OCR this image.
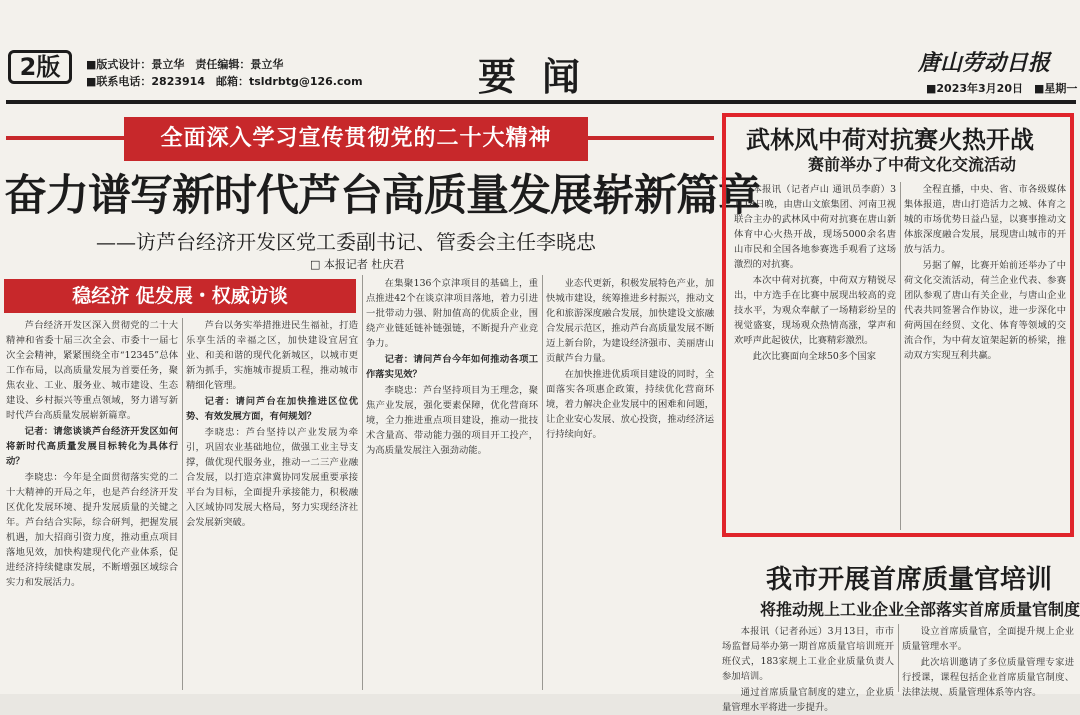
2版	■版式设计：景立华　责任编辑：景立华
■联系电话：2823914　邮箱：tsldrbtg@126.com	要闻	唐山劳动日报
■2023年3月20日　■星期一
全面深入学习宣传贯彻党的二十大精神
奋力谱写新时代芦台高质量发展崭新篇章
——访芦台经济开发区党工委副书记、管委会主任李晓忠
□ 本报记者 杜庆君
稳经济 促发展・权威访谈

芦台经济开发区深入贯彻党的二十大精神和省委十届三次全会、市委十一届七次全会精神，紧紧围绕全市“12345”总体工作布局，以高质量发展为首要任务，聚焦农业、工业、服务业、城市建设、生态建设、乡村振兴等重点领域，努力谱写新时代芦台高质量发展崭新篇章。

记者：请您谈谈芦台经济开发区如何将新时代高质量发展目标转化为具体行动？

李晓忠：今年是全面贯彻落实党的二十大精神的开局之年，也是芦台经济开发区优化发展环境、提升发展质量的关键之年。芦台结合实际，综合研判，把握发展机遇，加大招商引资力度，推动重点项目落地见效，加快构建现代化产业体系，促进经济持续健康发展，不断增强区域综合实力和发展活力。

芦台以务实举措推进民生福祉，打造乐享生活的幸福之区，加快建设宜居宜业、和美和谐的现代化新城区，以城市更新为抓手，实施城市提质工程，推动城市精细化管理。

记者：请问芦台在加快推进区位优势、有效发展方面，有何规划？

李晓忠：芦台坚持以产业发展为牵引，巩固农业基础地位，做强工业主导支撑，做优现代服务业，推动一二三产业融合发展，以打造京津冀协同发展重要承接平台为目标，全面提升承接能力，积极融入区域协同发展大格局，努力实现经济社会发展新突破。

在集聚136个京津项目的基础上，重点推进42个在谈京津项目落地，着力引进一批带动力强、附加值高的优质企业，围绕产业链延链补链强链，不断提升产业竞争力。

记者：请问芦台今年如何推动各项工作落实见效？

李晓忠：芦台坚持项目为王理念，聚焦产业发展，强化要素保障，优化营商环境，全力推进重点项目建设，推动一批技术含量高、带动能力强的项目开工投产，为高质量发展注入强劲动能。

业态代更新，积极发展特色产业，加快城市建设，统筹推进乡村振兴，推动文化和旅游深度融合发展，加快建设文旅融合发展示范区，推动芦台高质量发展不断迈上新台阶，为建设经济强市、美丽唐山贡献芦台力量。

在加快推进优质项目建设的同时，全面落实各项惠企政策，持续优化营商环境，着力解决企业发展中的困难和问题，让企业安心发展、放心投资，推动经济运行持续向好。

武林风中荷对抗赛火热开战
赛前举办了中荷文化交流活动

本报讯（记者卢山 通讯员李蔚）3月18日晚，由唐山文旅集团、河南卫视联合主办的武林风中荷对抗赛在唐山新体育中心火热开战，现场5000余名唐山市民和全国各地参赛选手观看了这场激烈的对抗赛。

本次中荷对抗赛，中荷双方精锐尽出，中方选手在比赛中展现出较高的竞技水平，为观众奉献了一场精彩纷呈的视觉盛宴，现场观众热情高涨，掌声和欢呼声此起彼伏，比赛精彩激烈。

此次比赛面向全球50多个国家

全程直播，中央、省、市各级媒体集体报道，唐山打造活力之城、体育之城的市场优势日益凸显，以赛事推动文体旅深度融合发展，展现唐山城市的开放与活力。

另据了解，比赛开始前还举办了中荷文化交流活动，荷兰企业代表、参赛团队参观了唐山有关企业，与唐山企业代表共同签署合作协议，进一步深化中荷两国在经贸、文化、体育等领域的交流合作，为中荷友谊架起新的桥梁，推动双方实现互利共赢。

我市开展首席质量官培训
将推动规上工业企业全部落实首席质量官制度

本报讯（记者孙远）3月13日，市市场监督局举办第一期首席质量官培训班开班仪式，183家规上工业企业质量负责人参加培训。

通过首席质量官制度的建立，企业质量管理水平将进一步提升。

设立首席质量官，全面提升规上企业质量管理水平。

此次培训邀请了多位质量管理专家进行授课，课程包括企业首席质量官制度、法律法规、质量管理体系等内容。
